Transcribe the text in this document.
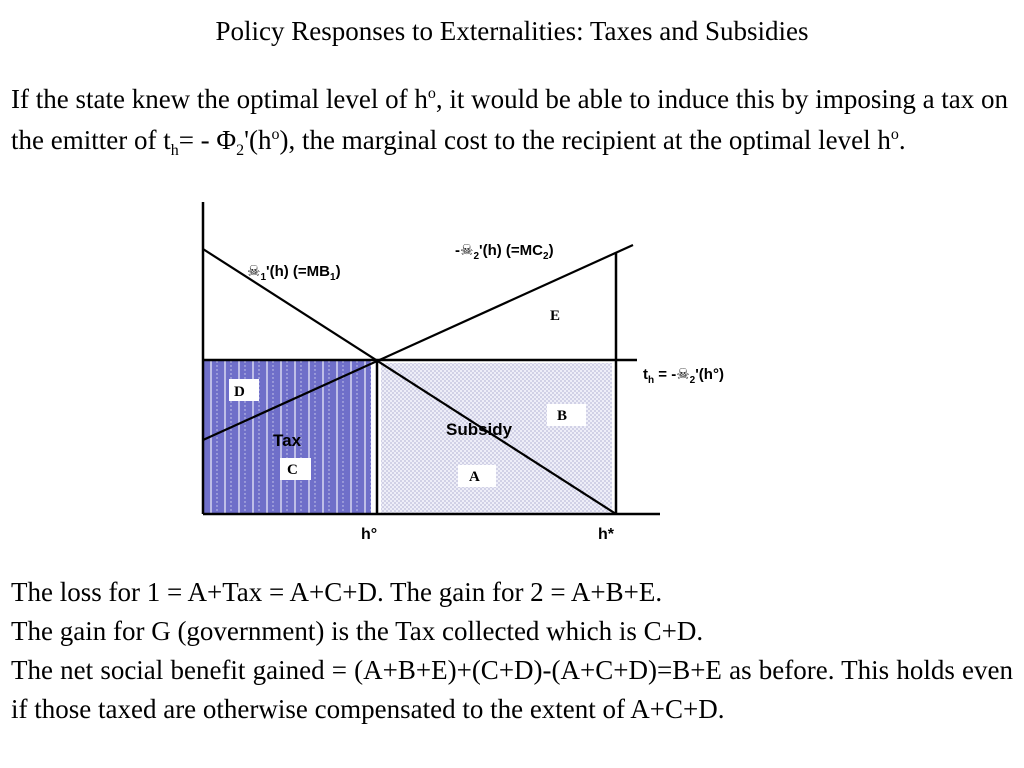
Policy Responses to Externalities: Taxes and Subsidies
If the state knew the optimal level of $h^o$, it would be able to induce this by imposing a tax on the emitter of $t_h= - \Phi_2'(h^o)$, the marginal cost to the recipient at the optimal level $h^o$.
$☠_1'(h)$ $(=MB_1)$
$-☠_2'(h)$ $(=MC_2)$
$t_h$ = $-☠_2'(h^\circ)$
D
C
B
A
E
Tax
Subsidy
h°	h*
The loss for 1 = A+Tax = A+C+D. The gain for 2 = A+B+E.
The gain for G (government) is the Tax collected which is C+D.
The net social benefit gained = (A+B+E)+(C+D)-(A+C+D)=B+E as before. This holds even if those taxed are otherwise compensated to the extent of A+C+D.
